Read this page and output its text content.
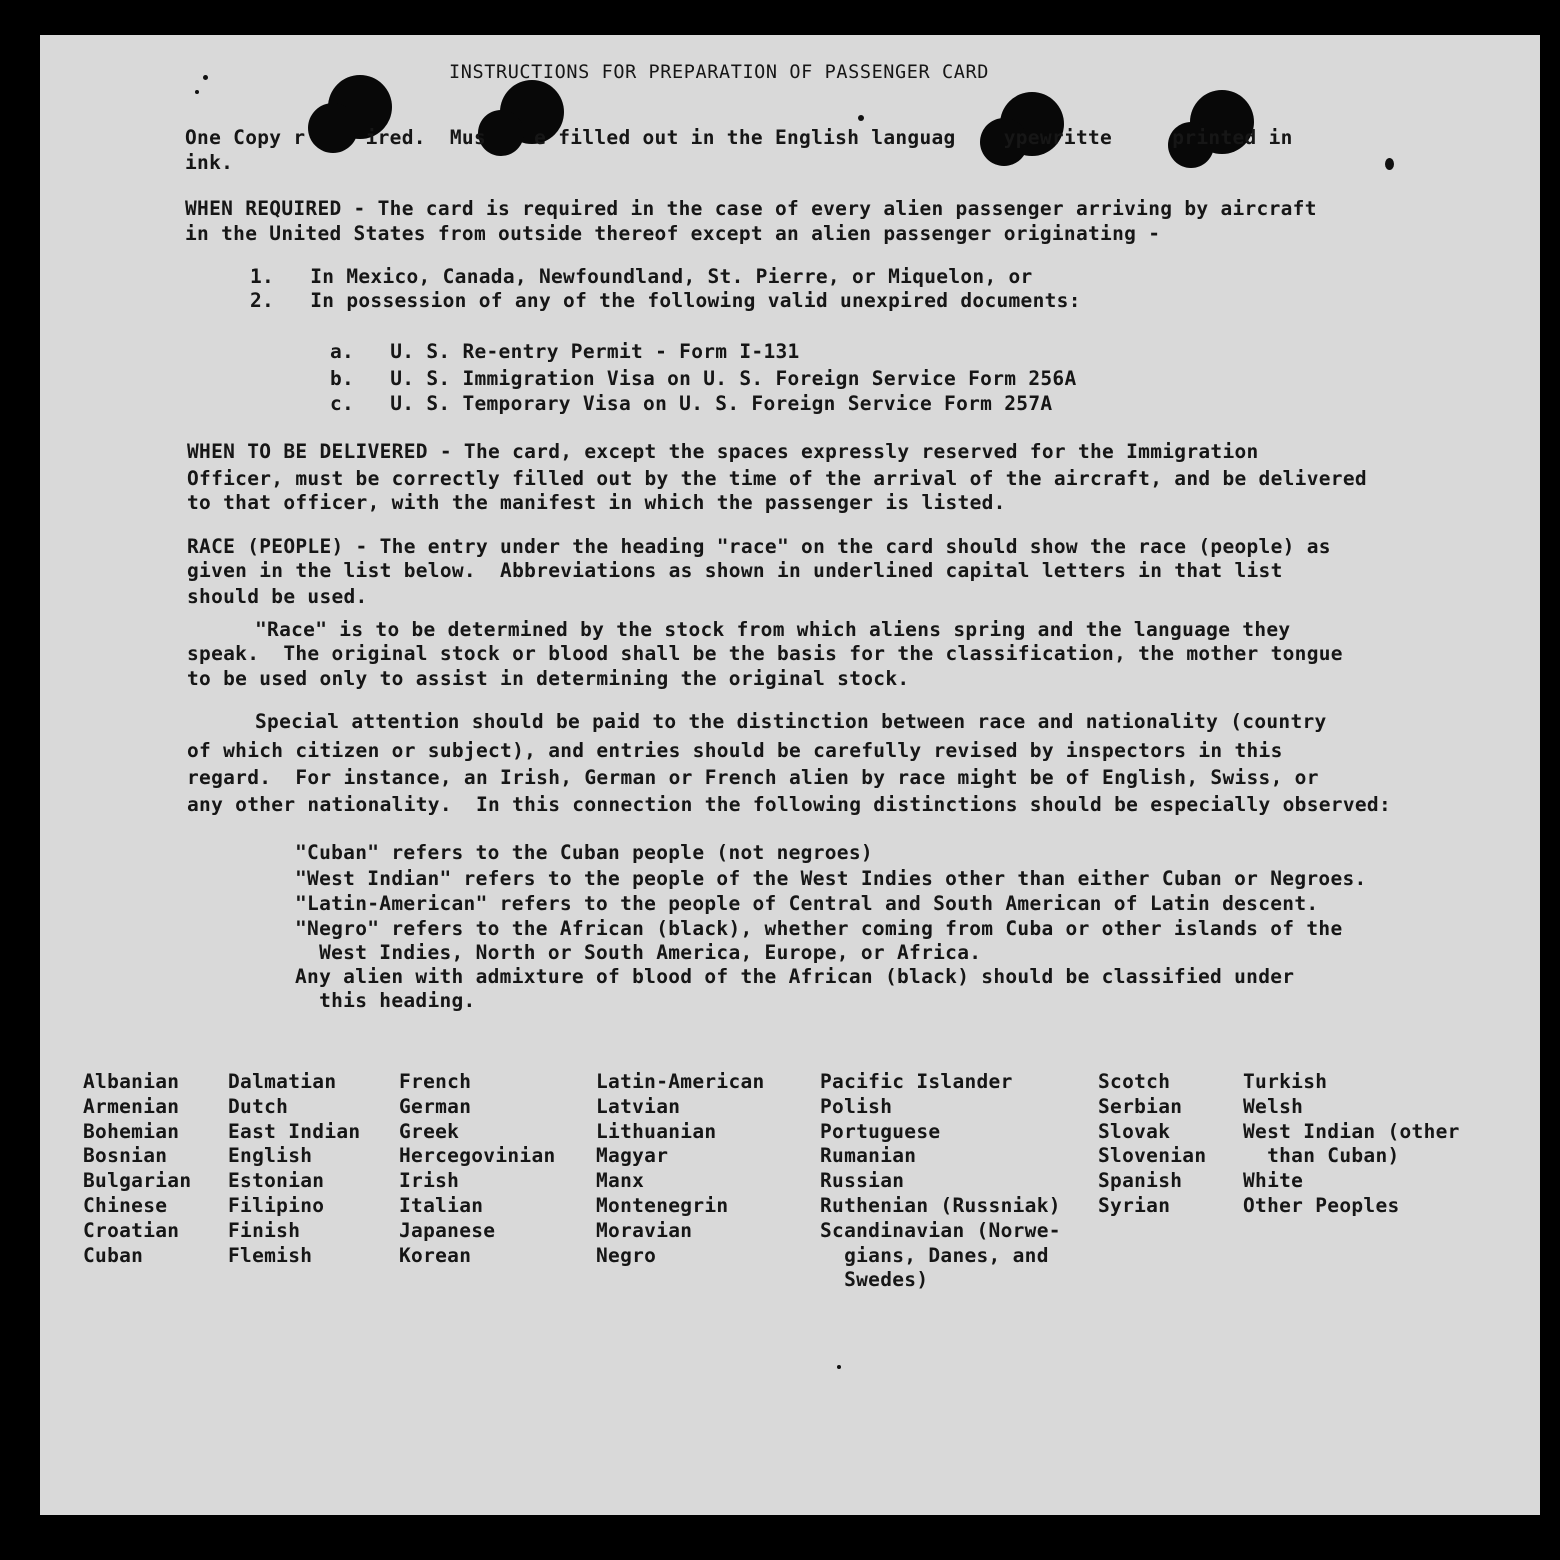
INSTRUCTIONS FOR PREPARATION OF PASSENGER CARD
One Copy r     ired.  Mus    e filled out in the English languag    ypewritte     printed in
ink.
WHEN REQUIRED - The card is required in the case of every alien passenger arriving by aircraft
in the United States from outside thereof except an alien passenger originating -
1.   In Mexico, Canada, Newfoundland, St. Pierre, or Miquelon, or
2.   In possession of any of the following valid unexpired documents:
a.   U. S. Re-entry Permit - Form I-131
b.   U. S. Immigration Visa on U. S. Foreign Service Form 256A
c.   U. S. Temporary Visa on U. S. Foreign Service Form 257A
WHEN TO BE DELIVERED - The card, except the spaces expressly reserved for the Immigration
Officer, must be correctly filled out by the time of the arrival of the aircraft, and be delivered
to that officer, with the manifest in which the passenger is listed.
RACE (PEOPLE) - The entry under the heading "race" on the card should show the race (people) as
given in the list below.  Abbreviations as shown in underlined capital letters in that list
should be used.
"Race" is to be determined by the stock from which aliens spring and the language they
speak.  The original stock or blood shall be the basis for the classification, the mother tongue
to be used only to assist in determining the original stock.
Special attention should be paid to the distinction between race and nationality (country
of which citizen or subject), and entries should be carefully revised by inspectors in this
regard.  For instance, an Irish, German or French alien by race might be of English, Swiss, or
any other nationality.  In this connection the following distinctions should be especially observed:
"Cuban" refers to the Cuban people (not negroes)
"West Indian" refers to the people of the West Indies other than either Cuban or Negroes.
"Latin-American" refers to the people of Central and South American of Latin descent.
"Negro" refers to the African (black), whether coming from Cuba or other islands of the
West Indies, North or South America, Europe, or Africa.
Any alien with admixture of blood of the African (black) should be classified under
this heading.
Albanian
Armenian
Bohemian
Bosnian
Bulgarian
Chinese
Croatian
Cuban
Dalmatian
Dutch
East Indian
English
Estonian
Filipino
Finish
Flemish
French
German
Greek
Hercegovinian
Irish
Italian
Japanese
Korean
Latin-American
Latvian
Lithuanian
Magyar
Manx
Montenegrin
Moravian
Negro
Pacific Islander
Polish
Portuguese
Rumanian
Russian
Ruthenian (Russniak)
Scandinavian (Norwe-
gians, Danes, and
Swedes)
Scotch
Serbian
Slovak
Slovenian
Spanish
Syrian
Turkish
Welsh
West Indian (other
than Cuban)
White
Other Peoples
